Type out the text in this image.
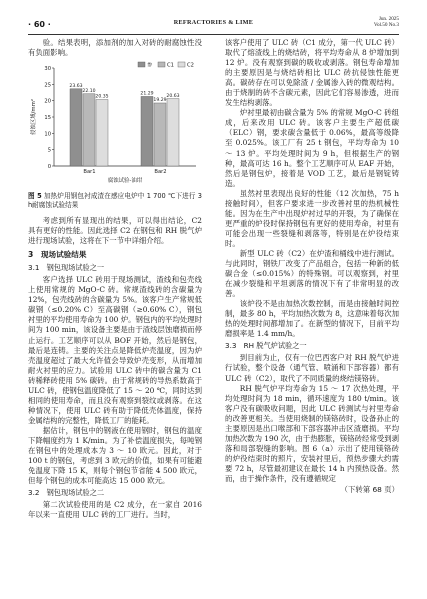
· 60 ·	REFRACTORIES & LIME	Jun. 2025
Vol.50 No.3

验。结果表明，添加剂的加入对砖的耐腐蚀性没有负面影响。

0
5
10
15
20
25
30
侵蚀区域/mm²
23.63
22.10
20.35
Bar1
21.29
19.29
20.63
Bar2
腐蚀试验-油坩
参	C1	C2
图 5 加热炉用钢包衬成渣在感应电炉中 1 700 ℃下进行 3 h耐腐蚀试验结果

考虑到所有显现出的结果，可以得出结论，C2 具有更好的性能。因此选择 C2 在钢包和 RH 脱气炉进行现场试验，这将在下一节中详细介绍。

3　现场试验结果
3.1　钢包现场试验之一

客户选择 ULC 砖用于现场测试，渣线和包壳线上使用常规的 MgO-C 砖。常规渣线砖的含碳量为 12%，包壳线砖的含碳量为 5%。该客户生产常规低碳钢（≤0.20% C）至高碳钢（≥0.60% C），钢包衬里的平均使用寿命为 100 炉。钢包内的平均处理时间为 100 min，该设备主要是由于渣线层蚀磨损而停止运行。工艺顺序可以从 BOF 开始，然后是钢包，最后是连铸。主要的关注点是降低炉壳温度，因为炉壳温度超过了最大允许值会导致炉壳变形，从而增加耐火衬里的应力。试验用 ULC 砖中的碳含量为 C1 砖稀释砖使用 5% 碳砖。由于常规砖的导热系数高于 ULC 砖，使钢包温度降低了 15 ～ 20 ℃，同时达到相同的使用寿命，而且没有观察到裂纹或剥落。在这种情况下，使用 ULC 砖有助于降低壳体温度，保持金属结构的完整性，降低工厂的能耗。

据估计，钢包中的钢液在使用钢时，钢包的温度下降幅度约为 1 K/min。为了补偿温度损失，每吨钢在钢包中的处理成本为 3 ～ 10 欧元。因此，对于 100 t 的钢包，考虑到 3 欧元的价值，如果有可能避免温度下降 15 K，则每个钢包节省能 4 500 欧元，但每个钢包的成本可能高达 15 000 欧元。

3.2　钢包现场试验之二

第二次试验使用的是 C2 成分，在一家自 2016 年以来一直使用 ULC 砖的工厂进行。当时，

该客户使用了 ULC 砖（C1 成分，第一代 ULC 砖）取代了熔渣线上的烧结砖，将平均寿命从 8 炉增加到 12 炉。没有观察到碳的吸收或剥落。钢包寿命增加的主要原因是与烧结砖相比 ULC 砖抗侵蚀性能更高。碳砖存在可以免除渣 / 金属渗入砖的微观结构。由于烧制的砖不含碳元素，因此它们容易渗透，进而发生结构剥落。

炉衬里最初由碳含量为 5% 的常规 MgO-C 砖组成，后来改用 ULC 砖。该客户主要生产超低碳（ELC）钢，要求碳含量低于 0.06%，最高等级降至 0.025%。该工厂有 25 t 钢包，平均寿命为 10 ～ 13 炉。平均处理时间为 9 h，但根据生产的钢种，最高可达 16 h。整个工艺顺序可从 EAF 开始，然后是钢包炉，接着是 VOD 工艺，最后是钢锭铸造。

虽然衬里表现出良好的性能（12 次加热，75 h 接触时间），但客户要求进一步改善衬里的热机械性能。因为在生产中出现炉衬过早的开裂，为了确保在更严重的炉役时保持钢包有更好的使用寿命，衬里有可能会出现一些裂缝和剥落等，特别是在炉役结束时。

新型 ULC 砖（C2）在炉渣和桶线中进行测试。与此同时，钢铁厂改变了产品组合，包括一种新的低碳合金（≤0.015%）的特殊钢。可以观察到，衬里在减少裂缝和平坦剥落的情况下有了非常明显的改善。

该炉役不是由加热次数控制，而是由接触时间控制，最多 80 h，平均加热次数为 8，这意味着每次加热的处理时间都增加了。在新型的情况下，目前平均磨损率是 1.4 mm/h。

3.3　RH 脱气炉试验之一

到目前为止，仅有一位巴西客户对 RH 脱气炉进行试验，整个设备（通气管、喷涌和下部容器）都有 ULC 砖（C2），取代了不同质量的烧结镁铬砖。

RH 脱气炉平均寿命为 15 ～ 17 次热处理，平均处理时间为 18 min，循环速度为 180 t/min。该客户没有碳吸收问题，因此 ULC 砖测试与衬里寿命的改善更相关。当使用烧制的镁铬砖时，设备孙止的主要原因是出口喉部和下部容器冲击区渣磨损。平均加热次数为 190 次，由于热膨胀，镁铬砖经常受到剥落和局部裂缝的影响。图 6（a）示出了使用镁铬砖的炉役结束时的照片，安装衬里后，预热步骤大约需要 72 h，尽管最初建议在最长 14 h 内预热设备。然而，由于操作条件，没有遵循规定

（下转第 68 页）
